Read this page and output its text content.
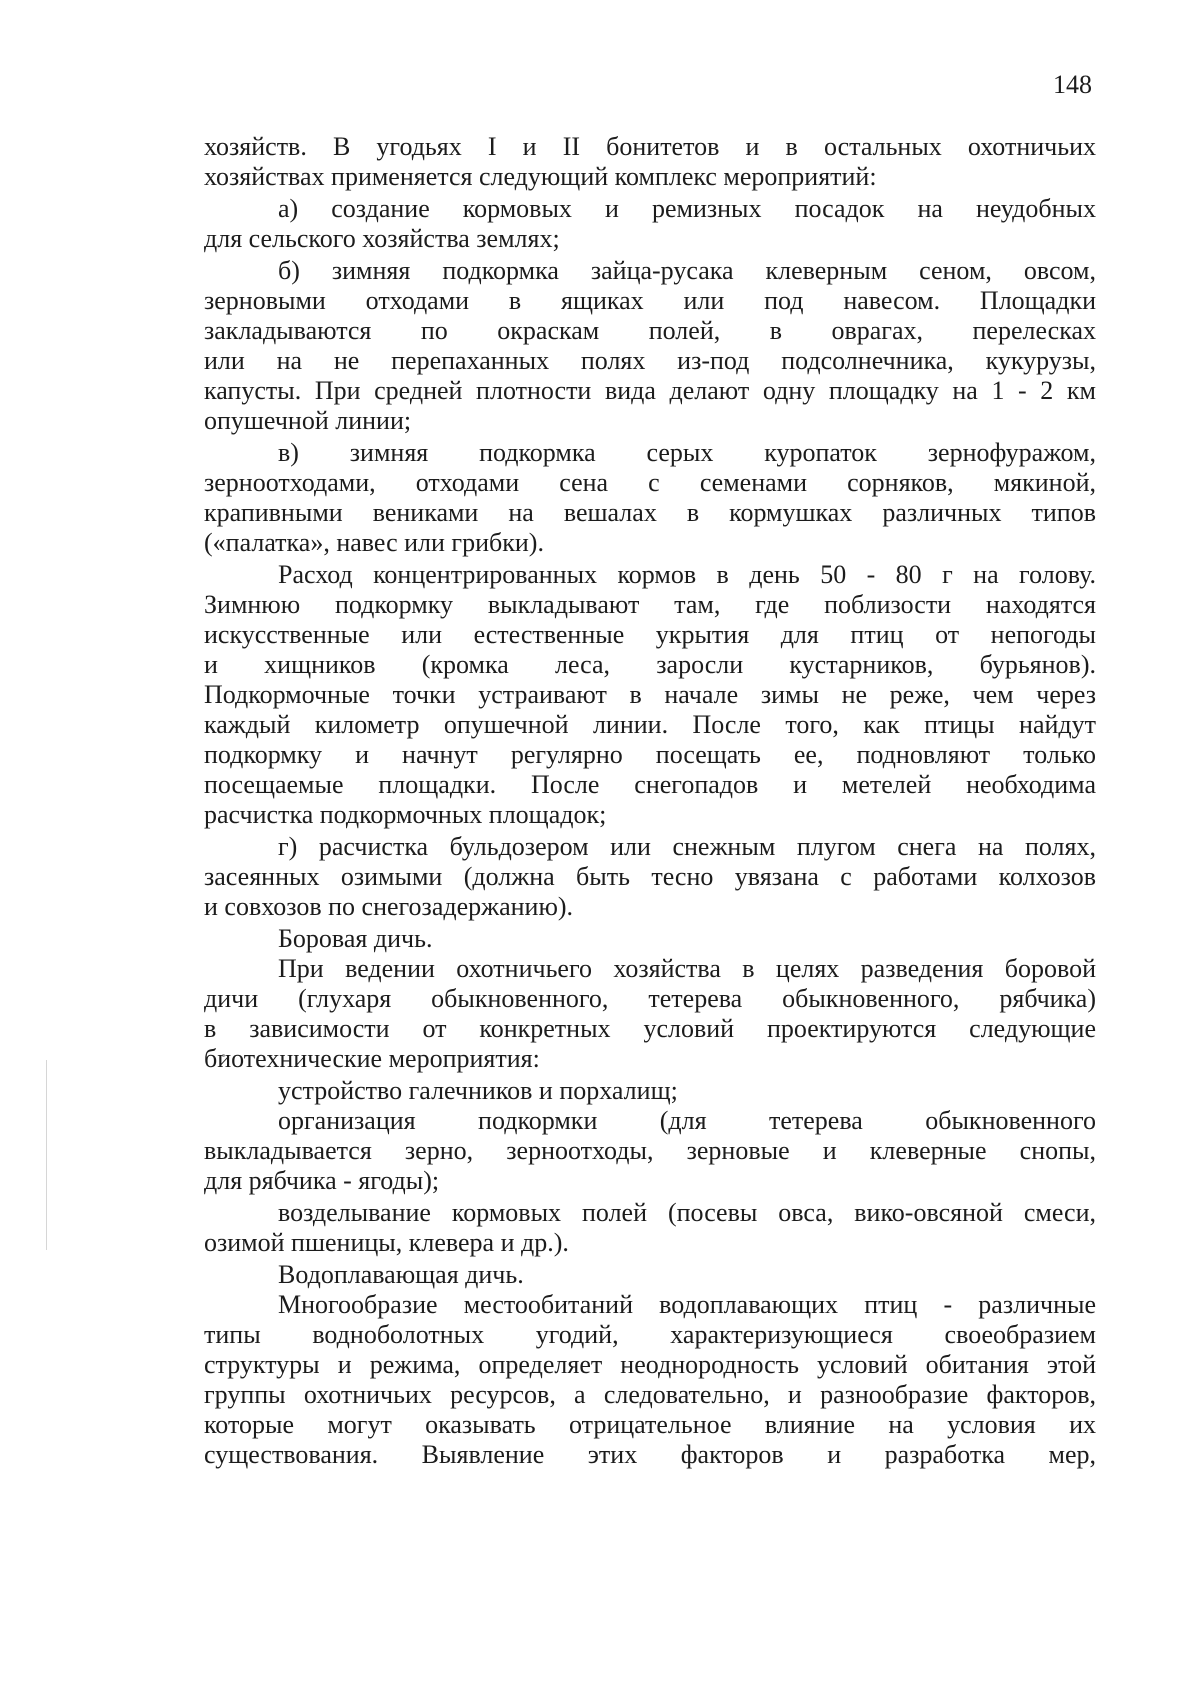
148
хозяйств. В угодьях I и II бонитетов и в остальных охотничьих
хозяйствах применяется следующий комплекс мероприятий:
а) создание кормовых и ремизных посадок на неудобных
для сельского хозяйства землях;
б) зимняя подкормка зайца-русака клеверным сеном, овсом,
зерновыми отходами в ящиках или под навесом. Площадки
закладываются по окраскам полей, в оврагах, перелесках
или на не перепаханных полях из-под подсолнечника, кукурузы,
капусты. При средней плотности вида делают одну площадку на 1 - 2 км
опушечной линии;
в) зимняя подкормка серых куропаток зернофуражом,
зерноотходами, отходами сена с семенами сорняков, мякиной,
крапивными вениками на вешалах в кормушках различных типов
(«палатка», навес или грибки).
Расход концентрированных кормов в день 50 - 80 г на голову.
Зимнюю подкормку выкладывают там, где поблизости находятся
искусственные или естественные укрытия для птиц от непогоды
и хищников (кромка леса, заросли кустарников, бурьянов).
Подкормочные точки устраивают в начале зимы не реже, чем через
каждый километр опушечной линии. После того, как птицы найдут
подкормку и начнут регулярно посещать ее, подновляют только
посещаемые площадки. После снегопадов и метелей необходима
расчистка подкормочных площадок;
г) расчистка бульдозером или снежным плугом снега на полях,
засеянных озимыми (должна быть тесно увязана с работами колхозов
и совхозов по снегозадержанию).
Боровая дичь.
При ведении охотничьего хозяйства в целях разведения боровой
дичи (глухаря обыкновенного, тетерева обыкновенного, рябчика)
в зависимости от конкретных условий проектируются следующие
биотехнические мероприятия:
устройство галечников и порхалищ;
организация подкормки (для тетерева обыкновенного
выкладывается зерно, зерноотходы, зерновые и клеверные снопы,
для рябчика - ягоды);
возделывание кормовых полей (посевы овса, вико-овсяной смеси,
озимой пшеницы, клевера и др.).
Водоплавающая дичь.
Многообразие местообитаний водоплавающих птиц - различные
типы водноболотных угодий, характеризующиеся своеобразием
структуры и режима, определяет неоднородность условий обитания этой
группы охотничьих ресурсов, а следовательно, и разнообразие факторов,
которые могут оказывать отрицательное влияние на условия их
существования. Выявление этих факторов и разработка мер,
